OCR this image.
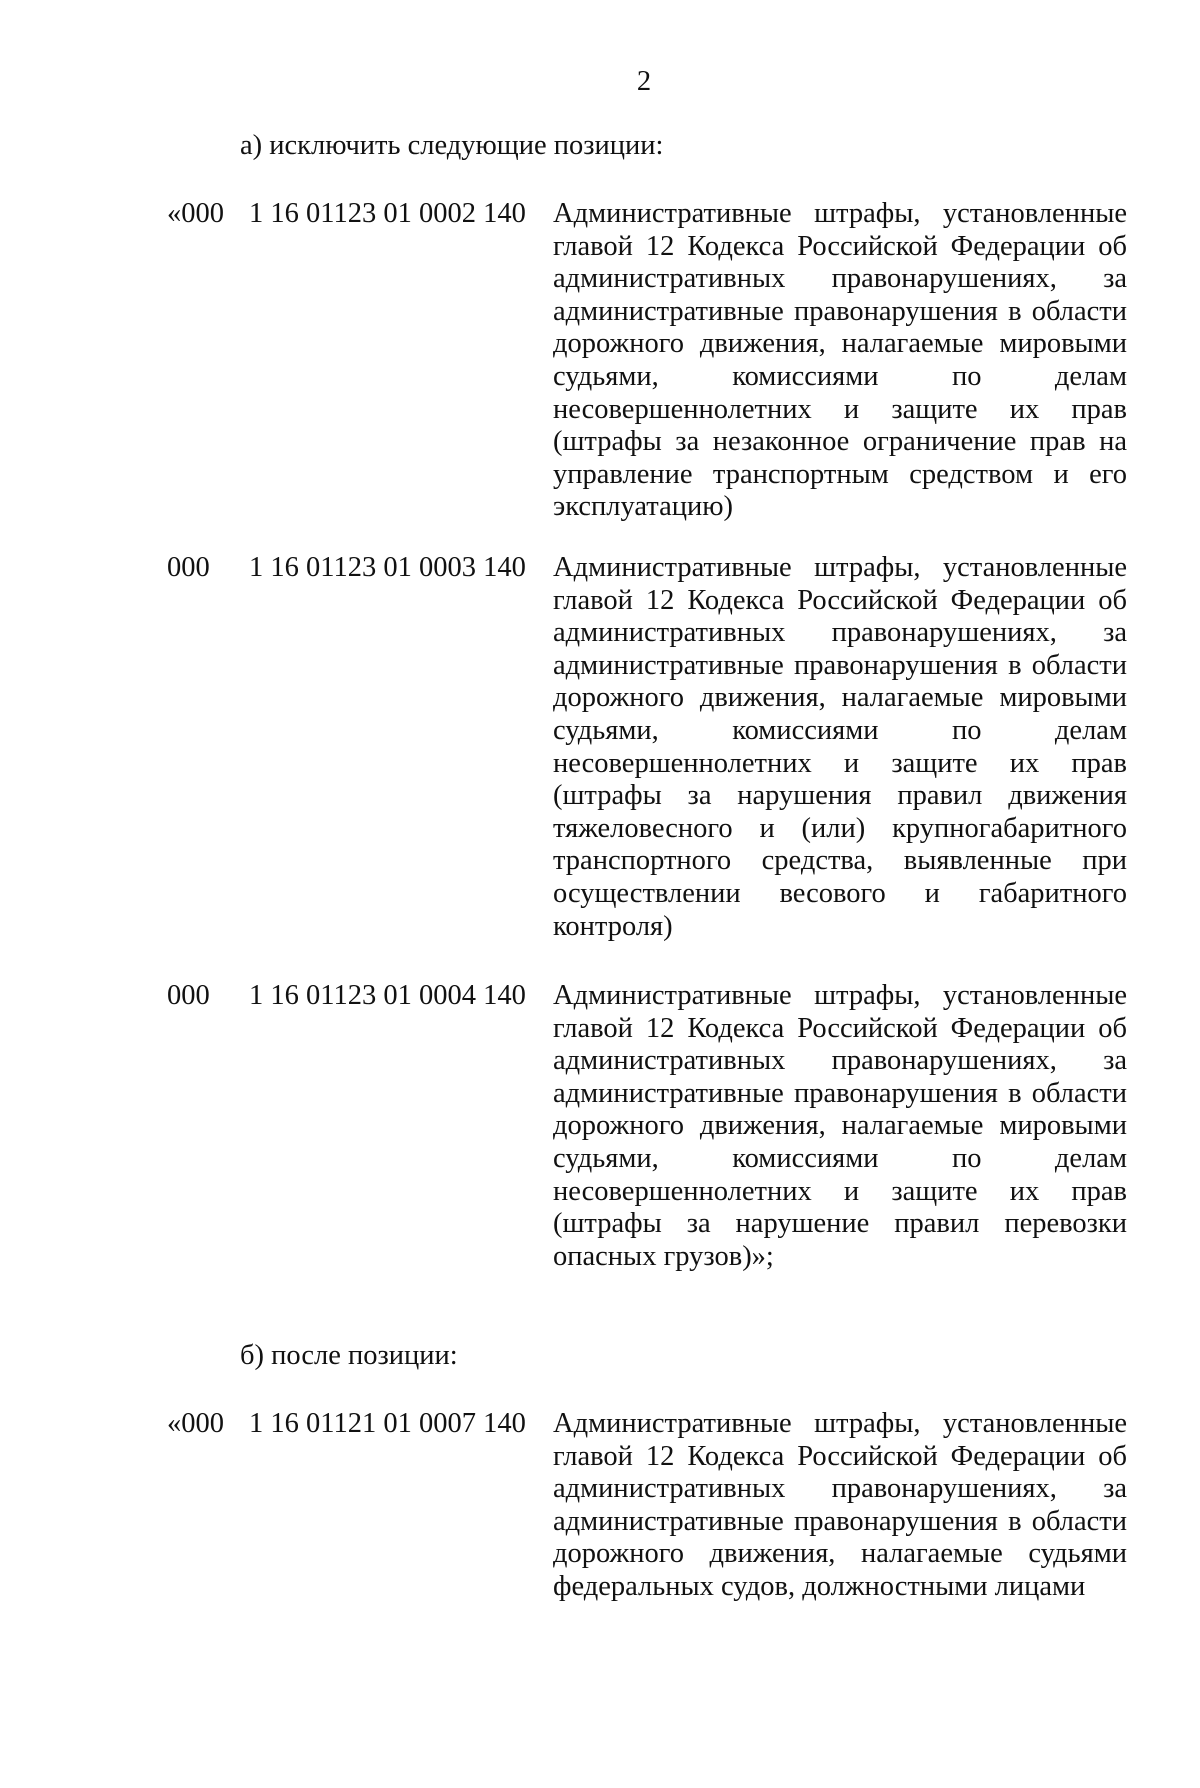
2
а) исключить следующие позиции:
«000 1 16 01123 01 0002 140 Административные штрафы, установленные главой 12 Кодекса Российской Федерации об административных правонарушениях, за административные правонарушения в области дорожного движения, налагаемые мировыми судьями, комиссиями по делам несовершеннолетних и защите их прав (штрафы за незаконное ограничение прав на управление транспортным средством и его эксплуатацию)

000 1 16 01123 01 0003 140 Административные штрафы, установленные главой 12 Кодекса Российской Федерации об административных правонарушениях, за административные правонарушения в области дорожного движения, налагаемые мировыми судьями, комиссиями по делам несовершеннолетних и защите их прав (штрафы за нарушения правил движения тяжеловесного и (или) крупногабаритного транспортного средства, выявленные при осуществлении весового и габаритного контроля)

000 1 16 01123 01 0004 140 Административные штрафы, установленные главой 12 Кодекса Российской Федерации об административных правонарушениях, за административные правонарушения в области дорожного движения, налагаемые мировыми судьями, комиссиями по делам несовершеннолетних и защите их прав (штрафы за нарушение правил перевозки опасных грузов)»;

б) после позиции:
«000 1 16 01121 01 0007 140 Административные штрафы, установленные главой 12 Кодекса Российской Федерации об административных правонарушениях, за административные правонарушения в области дорожного движения, налагаемые судьями федеральных судов, должностными лицами
